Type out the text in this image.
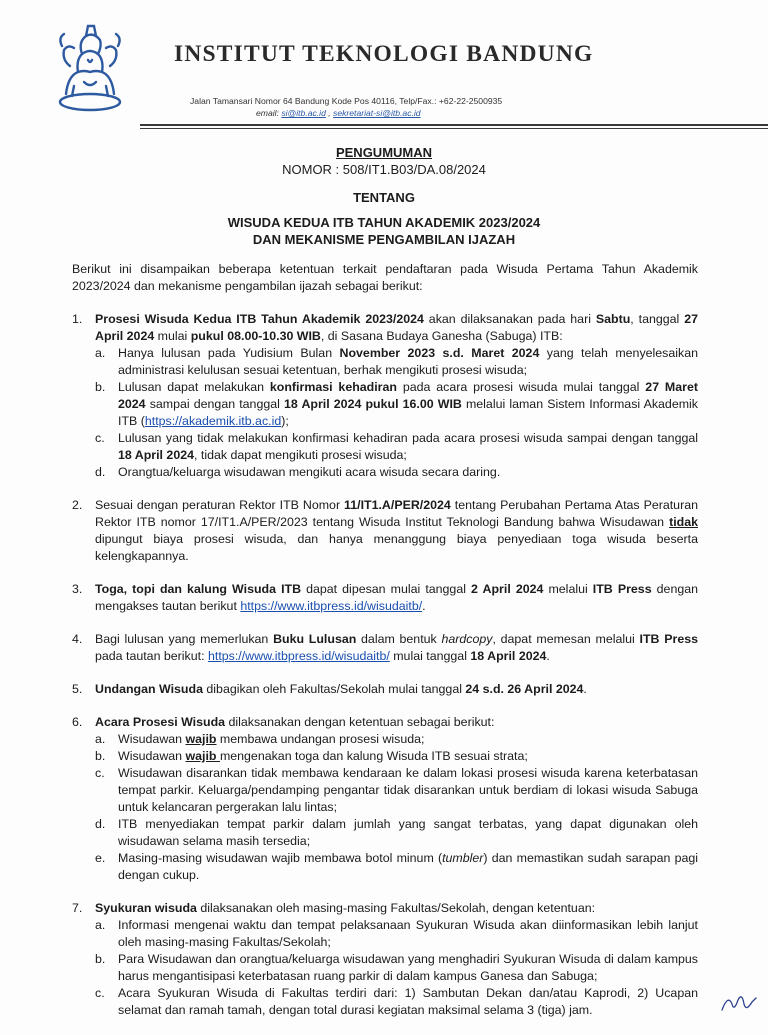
INSTITUT TEKNOLOGI BANDUNG
Jalan Tamansari Nomor 64 Bandung Kode Pos 40116, Telp/Fax.: +62-22-2500935
email: si@itb.ac.id , sekretariat-si@itb.ac.id
PENGUMUMAN
NOMOR : 508/IT1.B03/DA.08/2024
TENTANG
WISUDA KEDUA ITB TAHUN AKADEMIK 2023/2024
DAN MEKANISME PENGAMBILAN IJAZAH

Berikut ini disampaikan beberapa ketentuan terkait pendaftaran pada Wisuda Pertama Tahun Akademik 2023/2024 dan mekanisme pengambilan ijazah sebagai berikut:

1. Prosesi Wisuda Kedua ITB Tahun Akademik 2023/2024 akan dilaksanakan pada hari Sabtu, tanggal 27 April 2024 mulai pukul 08.00-10.30 WIB, di Sasana Budaya Ganesha (Sabuga) ITB:
a. Hanya lulusan pada Yudisium Bulan November 2023 s.d. Maret 2024 yang telah menyelesaikan administrasi kelulusan sesuai ketentuan, berhak mengikuti prosesi wisuda;
b. Lulusan dapat melakukan konfirmasi kehadiran pada acara prosesi wisuda mulai tanggal 27 Maret 2024 sampai dengan tanggal 18 April 2024 pukul 16.00 WIB melalui laman Sistem Informasi Akademik ITB (https://akademik.itb.ac.id);
c. Lulusan yang tidak melakukan konfirmasi kehadiran pada acara prosesi wisuda sampai dengan tanggal 18 April 2024, tidak dapat mengikuti prosesi wisuda;
d. Orangtua/keluarga wisudawan mengikuti acara wisuda secara daring.
2. Sesuai dengan peraturan Rektor ITB Nomor 11/IT1.A/PER/2024 tentang Perubahan Pertama Atas Peraturan Rektor ITB nomor 17/IT1.A/PER/2023 tentang Wisuda Institut Teknologi Bandung bahwa Wisudawan tidak dipungut biaya prosesi wisuda, dan hanya menanggung biaya penyediaan toga wisuda beserta kelengkapannya.
3. Toga, topi dan kalung Wisuda ITB dapat dipesan mulai tanggal 2 April 2024 melalui ITB Press dengan mengakses tautan berikut https://www.itbpress.id/wisudaitb/.
4. Bagi lulusan yang memerlukan Buku Lulusan dalam bentuk hardcopy, dapat memesan melalui ITB Press pada tautan berikut: https://www.itbpress.id/wisudaitb/ mulai tanggal 18 April 2024.
5. Undangan Wisuda dibagikan oleh Fakultas/Sekolah mulai tanggal 24 s.d. 26 April 2024.
6. Acara Prosesi Wisuda dilaksanakan dengan ketentuan sebagai berikut:
a. Wisudawan wajib membawa undangan prosesi wisuda;
b. Wisudawan wajib mengenakan toga dan kalung Wisuda ITB sesuai strata;
c. Wisudawan disarankan tidak membawa kendaraan ke dalam lokasi prosesi wisuda karena keterbatasan tempat parkir. Keluarga/pendamping pengantar tidak disarankan untuk berdiam di lokasi wisuda Sabuga untuk kelancaran pergerakan lalu lintas;
d. ITB menyediakan tempat parkir dalam jumlah yang sangat terbatas, yang dapat digunakan oleh wisudawan selama masih tersedia;
e. Masing-masing wisudawan wajib membawa botol minum (tumbler) dan memastikan sudah sarapan pagi dengan cukup.
7. Syukuran wisuda dilaksanakan oleh masing-masing Fakultas/Sekolah, dengan ketentuan:
a. Informasi mengenai waktu dan tempat pelaksanaan Syukuran Wisuda akan diinformasikan lebih lanjut oleh masing-masing Fakultas/Sekolah;
b. Para Wisudawan dan orangtua/keluarga wisudawan yang menghadiri Syukuran Wisuda di dalam kampus harus mengantisipasi keterbatasan ruang parkir di dalam kampus Ganesa dan Sabuga;
c. Acara Syukuran Wisuda di Fakultas terdiri dari: 1) Sambutan Dekan dan/atau Kaprodi, 2) Ucapan selamat dan ramah tamah, dengan total durasi kegiatan maksimal selama 3 (tiga) jam.
